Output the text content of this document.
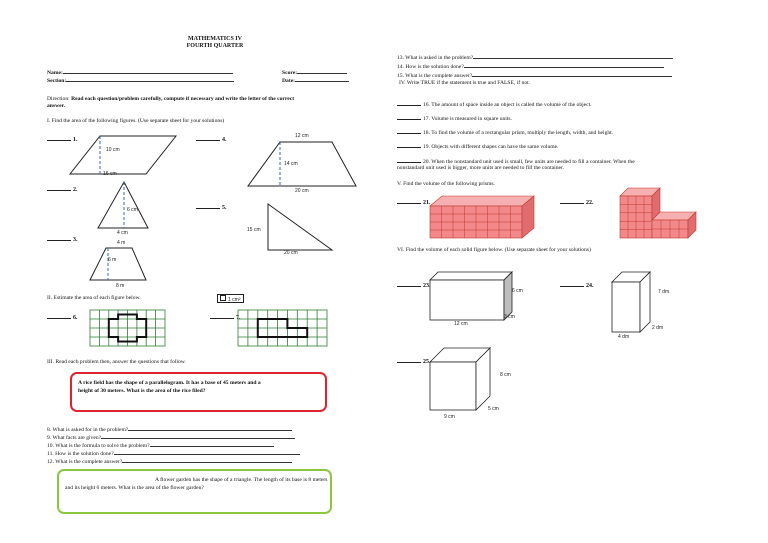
MATHEMATICS IV
FOURTH QUARTER
Name:
Section:
Score:
Date:
Direction: Read each question/problem carefully, compute if necessary and write the letter of the correct
answer.
I. Find the area of the following figures. (Use separate sheet for your solutions)
1.
2.
3.
4.
5.
10 cm
16 cm
6 cm
4 cm
4 m
6 m
8 m
12 cm
14 cm
20 cm
15 cm
20 cm
II. Estimate the area of each figure below.	1 cm²
6.	7.
III. Read each problem then, answer the questions that follow.
A rice field has the shape of a parallelogram. It has a base of 45 meters and a
height of 30 meters. What is the area of the rice filed?
8. What is asked for in the problem?
9. What facts are given?
10. What is the formula to solve the problem?
11. How is the solution done?
12. What is the complete answer?
A flower garden has the shape of a triangle. The length of its base is 8 meters
and its height 6 meters. What is the area of the flower garden?
13. What is asked in the problem?
14. How is the solution done?
15. What is the complete answer?
IV. Write TRUE if the statement is true and FALSE, if not.
16. The amount of space inside an object is called the volume of the object.
17. Volume is measured in square units.
18. To find the volume of a rectangular prism, multiply the length, width, and height.
19. Objects with different shapes can have the same volume.
20. When the nonstandard unit used is small, few units are needed to fill a container. When the
nonstandard unit used is bigger, more units are needed to fill the container.
V. Find the volume of the following prisms.
21.	22.
VI. Find the volume of each solid figure below. (Use separate sheet for your solutions)
23.	24.
25.
6 cm
3 cm
12 cm
7 dm
2 dm
4 dm
8 cm
5 cm
9 cm
